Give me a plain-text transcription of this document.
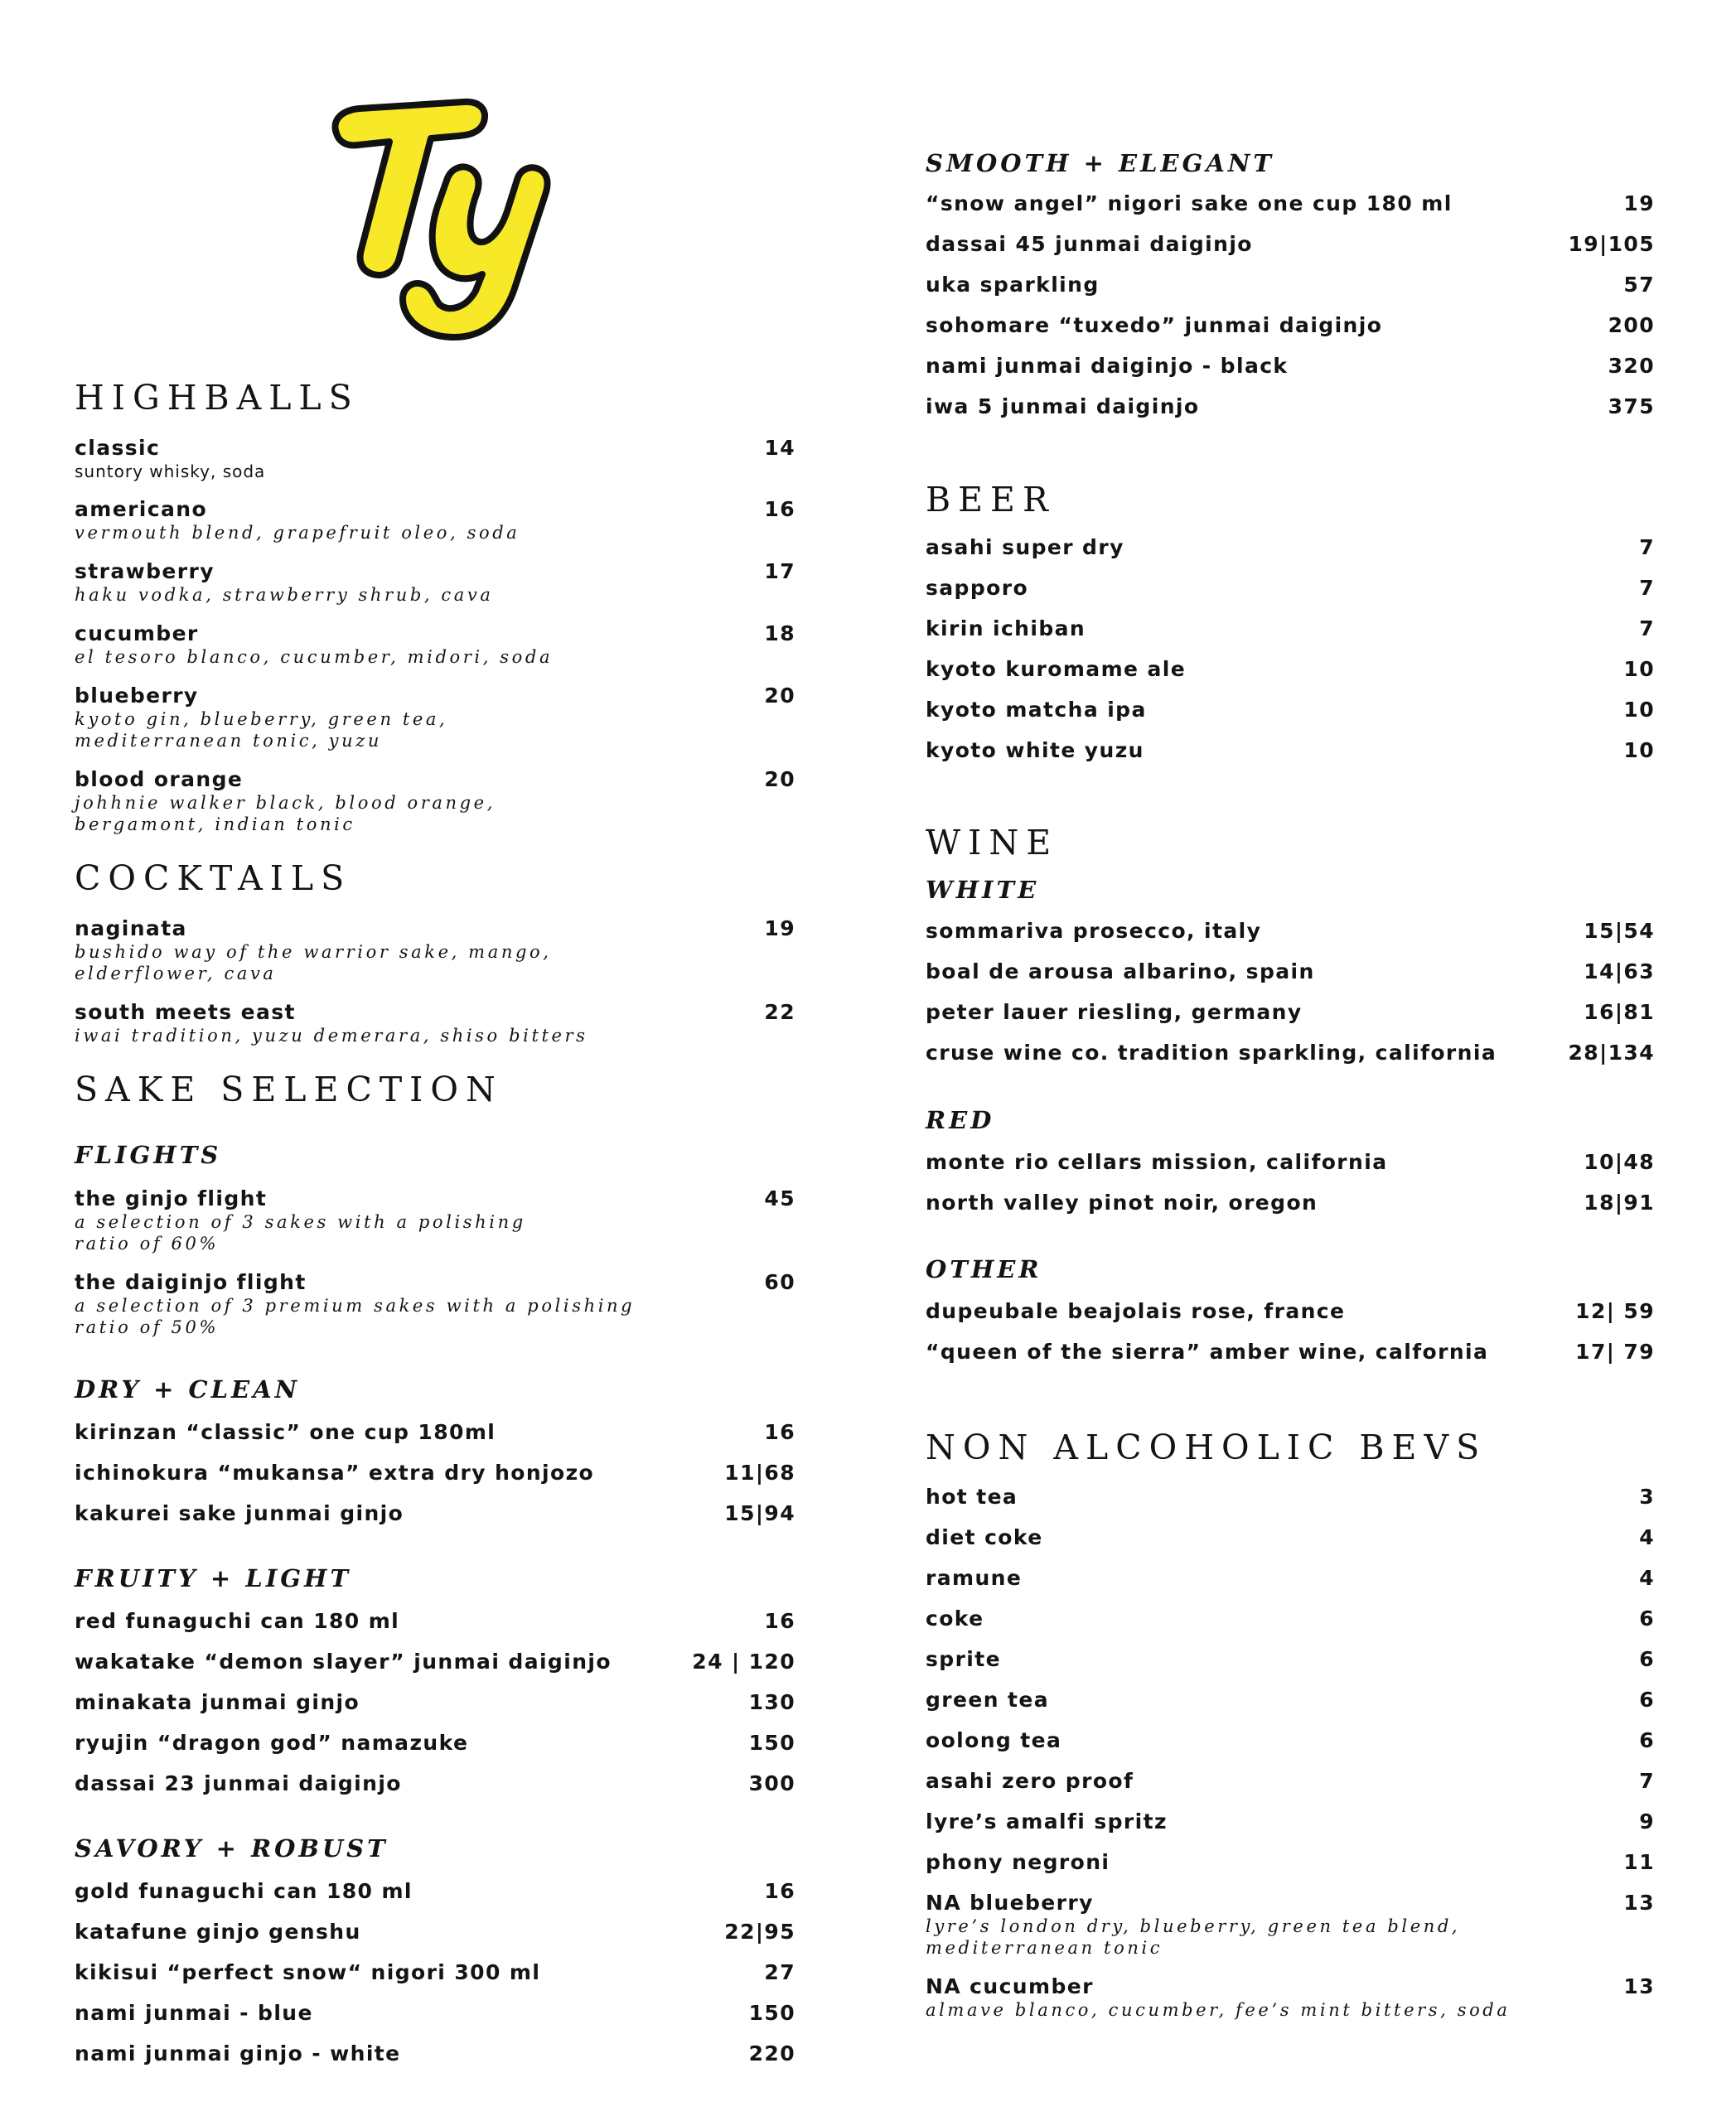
HIGHBALLS
classic	14
suntory whisky, soda
americano	16
vermouth blend, grapefruit oleo, soda
strawberry	17
haku vodka, strawberry shrub, cava
cucumber	18
el tesoro blanco, cucumber, midori, soda
blueberry	20
kyoto gin, blueberry, green tea,
mediterranean tonic, yuzu
blood orange	20
johhnie walker black, blood orange,
bergamont, indian tonic
COCKTAILS
naginata	19
bushido way of the warrior sake, mango,
elderflower, cava
south meets east	22
iwai tradition, yuzu demerara, shiso bitters
SAKE SELECTION
FLIGHTS
the ginjo flight	45
a selection of 3 sakes with a polishing
ratio of 60%
the daiginjo flight	60
a selection of 3 premium sakes with a polishing
ratio of 50%
DRY + CLEAN
kirinzan “classic” one cup 180ml	16
ichinokura “mukansa” extra dry honjozo	11|68
kakurei sake junmai ginjo	15|94
FRUITY + LIGHT
red funaguchi can 180 ml	16
wakatake “demon slayer” junmai daiginjo	24 | 120
minakata junmai ginjo	130
ryujin “dragon god” namazuke	150
dassai 23 junmai daiginjo	300
SAVORY + ROBUST
gold funaguchi can 180 ml	16
katafune ginjo genshu	22|95
kikisui “perfect snow“ nigori 300 ml	27
nami junmai - blue	150
nami junmai ginjo - white	220
SMOOTH + ELEGANT
“snow angel” nigori sake one cup 180 ml	19
dassai 45 junmai daiginjo	19|105
uka sparkling	57
sohomare “tuxedo” junmai daiginjo	200
nami junmai daiginjo - black	320
iwa 5 junmai daiginjo	375
BEER
asahi super dry	7
sapporo	7
kirin ichiban	7
kyoto kuromame ale	10
kyoto matcha ipa	10
kyoto white yuzu	10
WINE
WHITE
sommariva prosecco, italy	15|54
boal de arousa albarino, spain	14|63
peter lauer riesling, germany	16|81
cruse wine co. tradition sparkling, california	28|134
RED
monte rio cellars mission, california	10|48
north valley pinot noir, oregon	18|91
OTHER
dupeubale beajolais rose, france	12| 59
“queen of the sierra” amber wine, calfornia	17| 79
NON ALCOHOLIC BEVS
hot tea	3
diet coke	4
ramune	4
coke	6
sprite	6
green tea	6
oolong tea	6
asahi zero proof	7
lyre’s amalfi spritz	9
phony negroni	11
NA blueberry	13
lyre’s london dry, blueberry, green tea blend,
mediterranean tonic
NA cucumber	13
almave blanco, cucumber, fee’s mint bitters, soda
